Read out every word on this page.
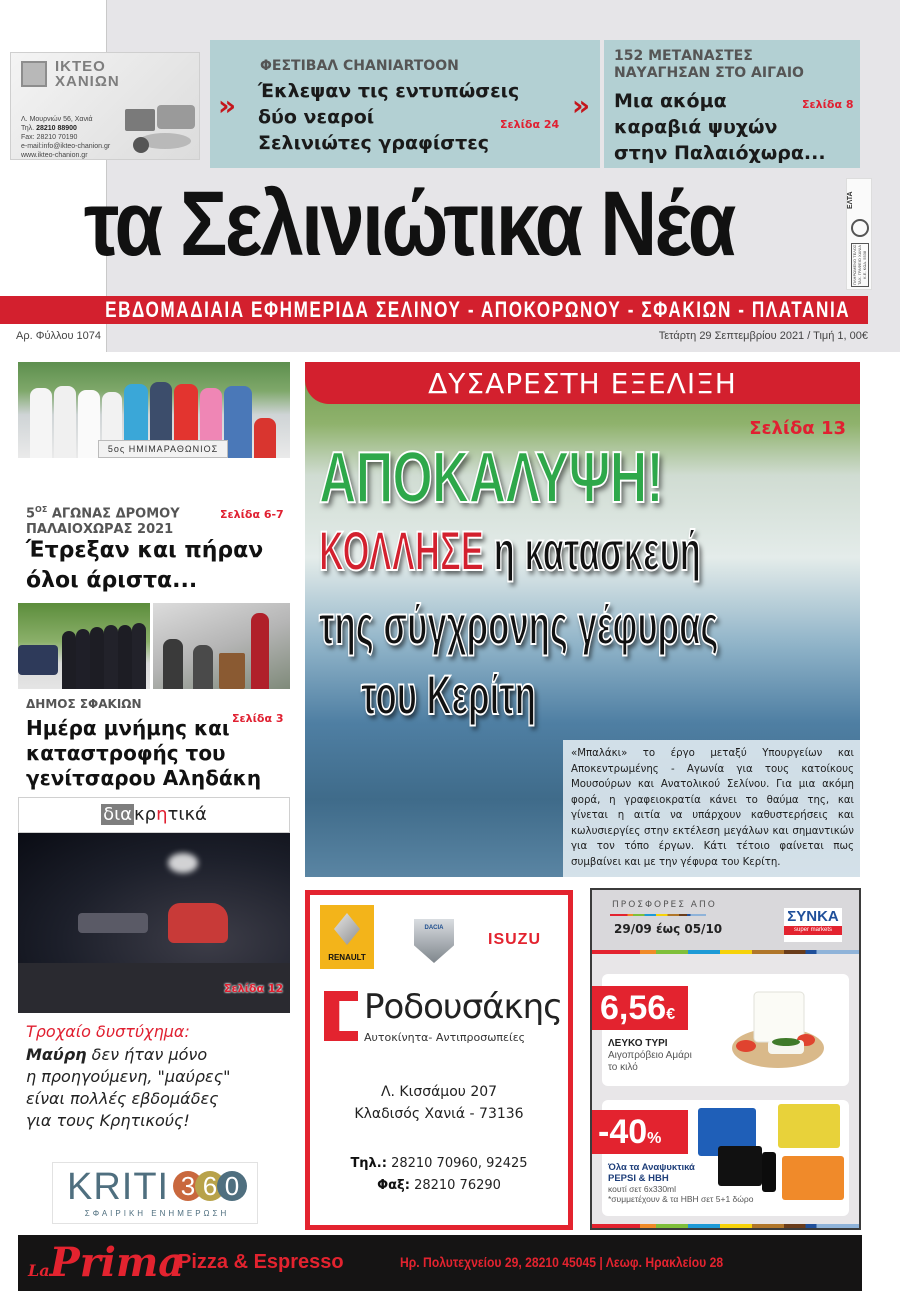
ΙΚΤΕΟ
ΧΑΝΙΩΝ
Λ. Μουρνιών 56, Χανιά
Τηλ. 28210 88900
Fax: 28210 70190
e-mail:info@ikteo-chanion.gr
www.ikteo-chanion.gr
»
ΦΕΣΤΙΒΑΛ CHANIARTOON
Έκλεψαν τις εντυπώσεις
δύο νεαροί
Σελινιώτες γραφίστες
Σελίδα 24
»
152 ΜΕΤΑΝΑΣΤΕΣ
ΝΑΥΑΓΗΣΑΝ ΣΤΟ ΑΙΓΑΙΟ
Μια ακόμα
καραβιά ψυχών
στην Παλαιόχωρα...
Σελίδα 8
τα Σελινιώτικα Νέα	ΕΛΤΑ
ΠΛΗΡΩΜΕΝΟ ΤΕΛΟΣ ΤΑΧ. ΓΡΑΦΕΙΟ ΧΑΝΙΑ Κ.Ε. ΚΩΔ. 5538
ΕΒΔΟΜΑΔΙΑΙΑ ΕΦΗΜΕΡΙΔΑ ΣΕΛΙΝΟΥ - ΑΠΟΚΟΡΩΝΟΥ - ΣΦΑΚΙΩΝ - ΠΛΑΤΑΝΙΑ
Αρ. Φύλλου 1074	Τετάρτη 29 Σεπτεμβρίου 2021 / Τιμή 1, 00€
5ος ΗΜΙΜΑΡΑΘΩΝΙΟΣ
$5^{O\Sigma}$ ΑΓΩΝΑΣ ΔΡΟΜΟΥ
ΠΑΛΑΙΟΧΩΡΑΣ 2021
Σελίδα 6-7
Έτρεξαν και πήραν
όλοι άριστα...
ΔΗΜΟΣ ΣΦΑΚΙΩΝ
Σελίδα 3
Ημέρα μνήμης και
καταστροφής του
γενίτσαρου Αληδάκη
δια κρητικά
Σελίδα 12
Τροχαίο δυστύχημα:
Μαύρη δεν ήταν μόνο
η προηγούμενη, "μαύρες"
είναι πολλές εβδομάδες
για τους Κρητικούς!
KRITI 3 6 0
ΣΦΑΙΡΙΚΗ ΕΝΗΜΕΡΩΣΗ
ΔΥΣΑΡΕΣΤΗ ΕΞΕΛΙΞΗ
Σελίδα 13
ΑΠΟΚΑΛΥΨΗ!
ΚΟΛΛΗΣΕ η κατασκευή
της σύγχρονης γέφυρας
του Κερίτη
«Μπαλάκι» το έργο μεταξύ Υπουργείων και Αποκεντρωμένης - Αγωνία για τους κατοίκους Μουσούρων και Ανατολικού Σελίνου. Για μια ακόμη φορά, η γραφειοκρατία κάνει το θαύμα της, και γίνεται η αιτία να υπάρχουν καθυστερήσεις και κωλυσιεργίες στην εκτέλεση μεγάλων και σημαντικών για τον τόπο έργων. Κάτι τέτοιο φαίνεται πως συμβαίνει και με την γέφυρα του Κερίτη.
RENAULT
DACIA
ISUZU
Ροδουσάκης
Αυτοκίνητα- Αντιπροσωπείες
Λ. Κισσάμου 207
Κλαδισός Χανιά - 73136
Τηλ.: 28210 70960, 92425
Φαξ: 28210 76290
ΠΡΟΣΦΟΡΕΣ ΑΠΟ
29/09 έως 05/10
ΣΥΝΚΑ
super markets
6,56€
ΛΕΥΚΟ ΤΥΡΙ
Αιγοπρόβειο Αμάρι
το κιλό
-40%
Όλα τα Αναψυκτικά
PEPSI & ΗΒΗ
κουτί σετ 6x330ml
*συμμετέχουν & τα ΗΒΗ σετ 5+1 δώρο
LaPrima
Pizza & Espresso	Ηρ. Πολυτεχνείου 29, 28210 45045 | Λεωφ. Ηρακλείου 28
